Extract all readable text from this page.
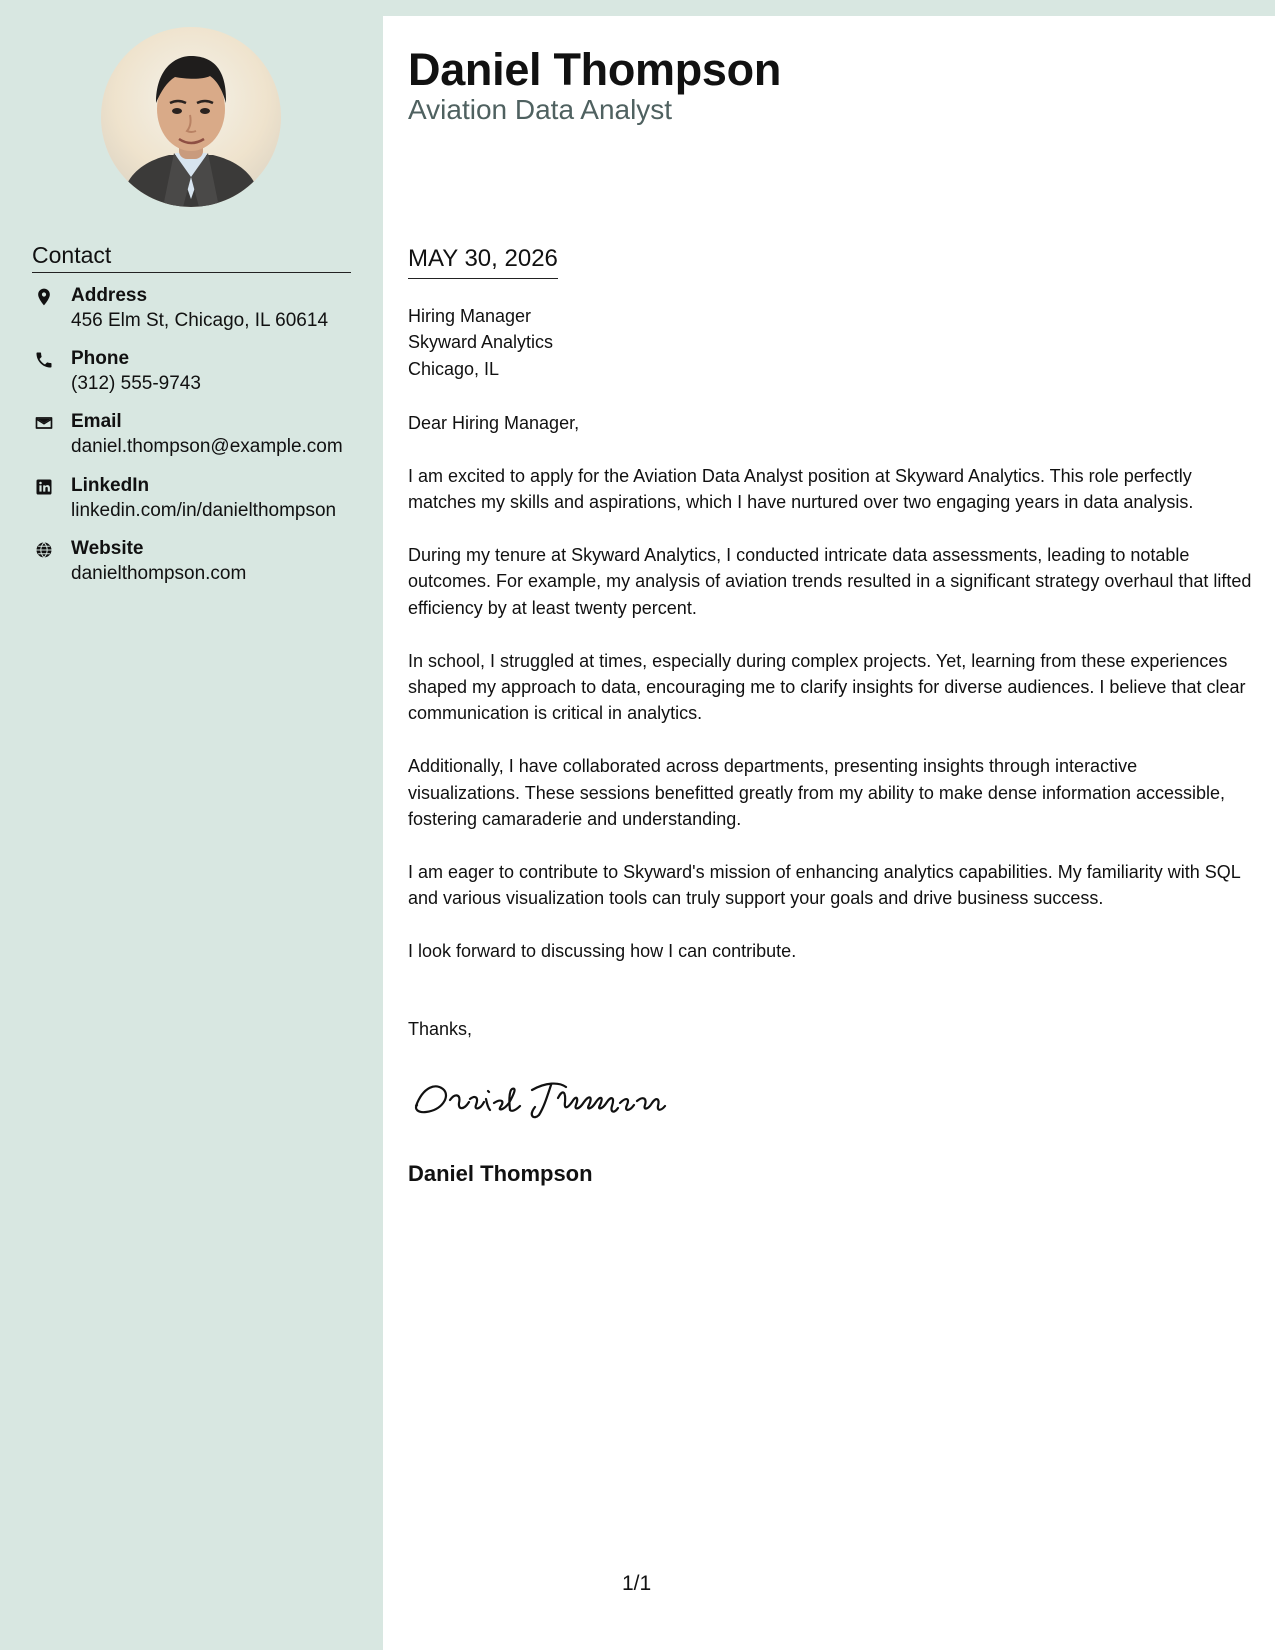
Contact
Address
456 Elm St, Chicago, IL 60614
Phone
(312) 555-9743
Email
daniel.thompson@example.com
LinkedIn
linkedin.com/in/danielthompson
Website
danielthompson.com
Daniel Thompson
Aviation Data Analyst
MAY 30, 2026
Hiring Manager
Skyward Analytics
Chicago, IL

Dear Hiring Manager,

I am excited to apply for the Aviation Data Analyst position at Skyward Analytics. This role perfectly matches my skills and aspirations, which I have nurtured over two engaging years in data analysis.

During my tenure at Skyward Analytics, I conducted intricate data assessments, leading to notable outcomes. For example, my analysis of aviation trends resulted in a significant strategy overhaul that lifted efficiency by at least twenty percent.

In school, I struggled at times, especially during complex projects. Yet, learning from these experiences shaped my approach to data, encouraging me to clarify insights for diverse audiences. I believe that clear communication is critical in analytics.

Additionally, I have collaborated across departments, presenting insights through interactive visualizations. These sessions benefitted greatly from my ability to make dense information accessible, fostering camaraderie and understanding.

I am eager to contribute to Skyward's mission of enhancing analytics capabilities. My familiarity with SQL and various visualization tools can truly support your goals and drive business success.

I look forward to discussing how I can contribute.

Thanks,
Daniel Thompson
1/1
